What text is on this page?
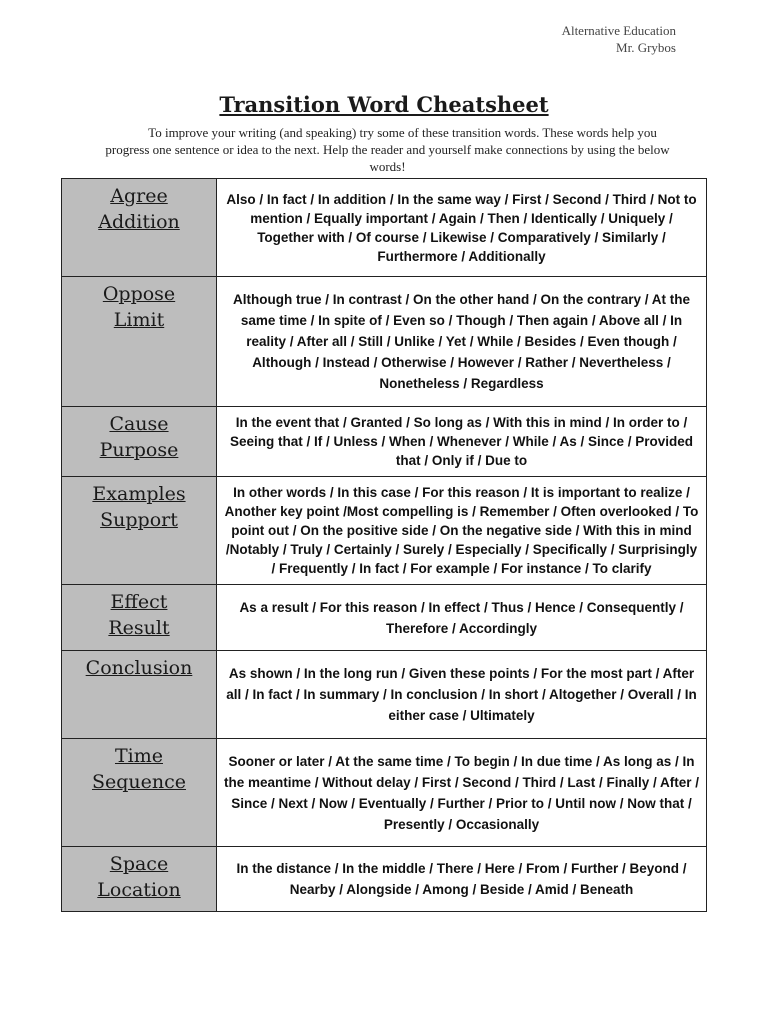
Alternative Education
Mr. Grybos
Transition Word Cheatsheet
To improve your writing (and speaking) try some of these transition words. These words help you progress one sentence or idea to the next. Help the reader and yourself make connections by using the below words!
Agree
Addition	Also / In fact / In addition / In the same way / First / Second / Third / Not to mention / Equally important / Again / Then / Identically / Uniquely / Together with / Of course / Likewise / Comparatively / Similarly / Furthermore / Additionally

Oppose
Limit	Although true / In contrast / On the other hand / On the contrary / At the same time / In spite of / Even so / Though / Then again / Above all / In reality / After all / Still / Unlike / Yet / While / Besides / Even though / Although / Instead / Otherwise / However / Rather / Nevertheless / Nonetheless / Regardless

Cause
Purpose	In the event that / Granted / So long as / With this in mind / In order to / Seeing that / If / Unless / When / Whenever / While / As / Since / Provided that / Only if / Due to

Examples
Support	In other words / In this case / For this reason / It is important to realize / Another key point /Most compelling is / Remember / Often overlooked / To point out / On the positive side / On the negative side / With this in mind /Notably / Truly / Certainly / Surely / Especially / Specifically / Surprisingly / Frequently / In fact / For example / For instance / To clarify

Effect
Result	As a result / For this reason / In effect / Thus / Hence / Consequently / Therefore / Accordingly

Conclusion	As shown / In the long run / Given these points / For the most part / After all / In fact / In summary / In conclusion / In short / Altogether / Overall / In either case / Ultimately

Time
Sequence	Sooner or later / At the same time / To begin / In due time / As long as / In the meantime / Without delay / First / Second / Third / Last / Finally / After / Since / Next / Now / Eventually / Further / Prior to / Until now / Now that / Presently / Occasionally

Space
Location	In the distance / In the middle / There / Here / From / Further / Beyond / Nearby / Alongside / Among / Beside / Amid / Beneath
